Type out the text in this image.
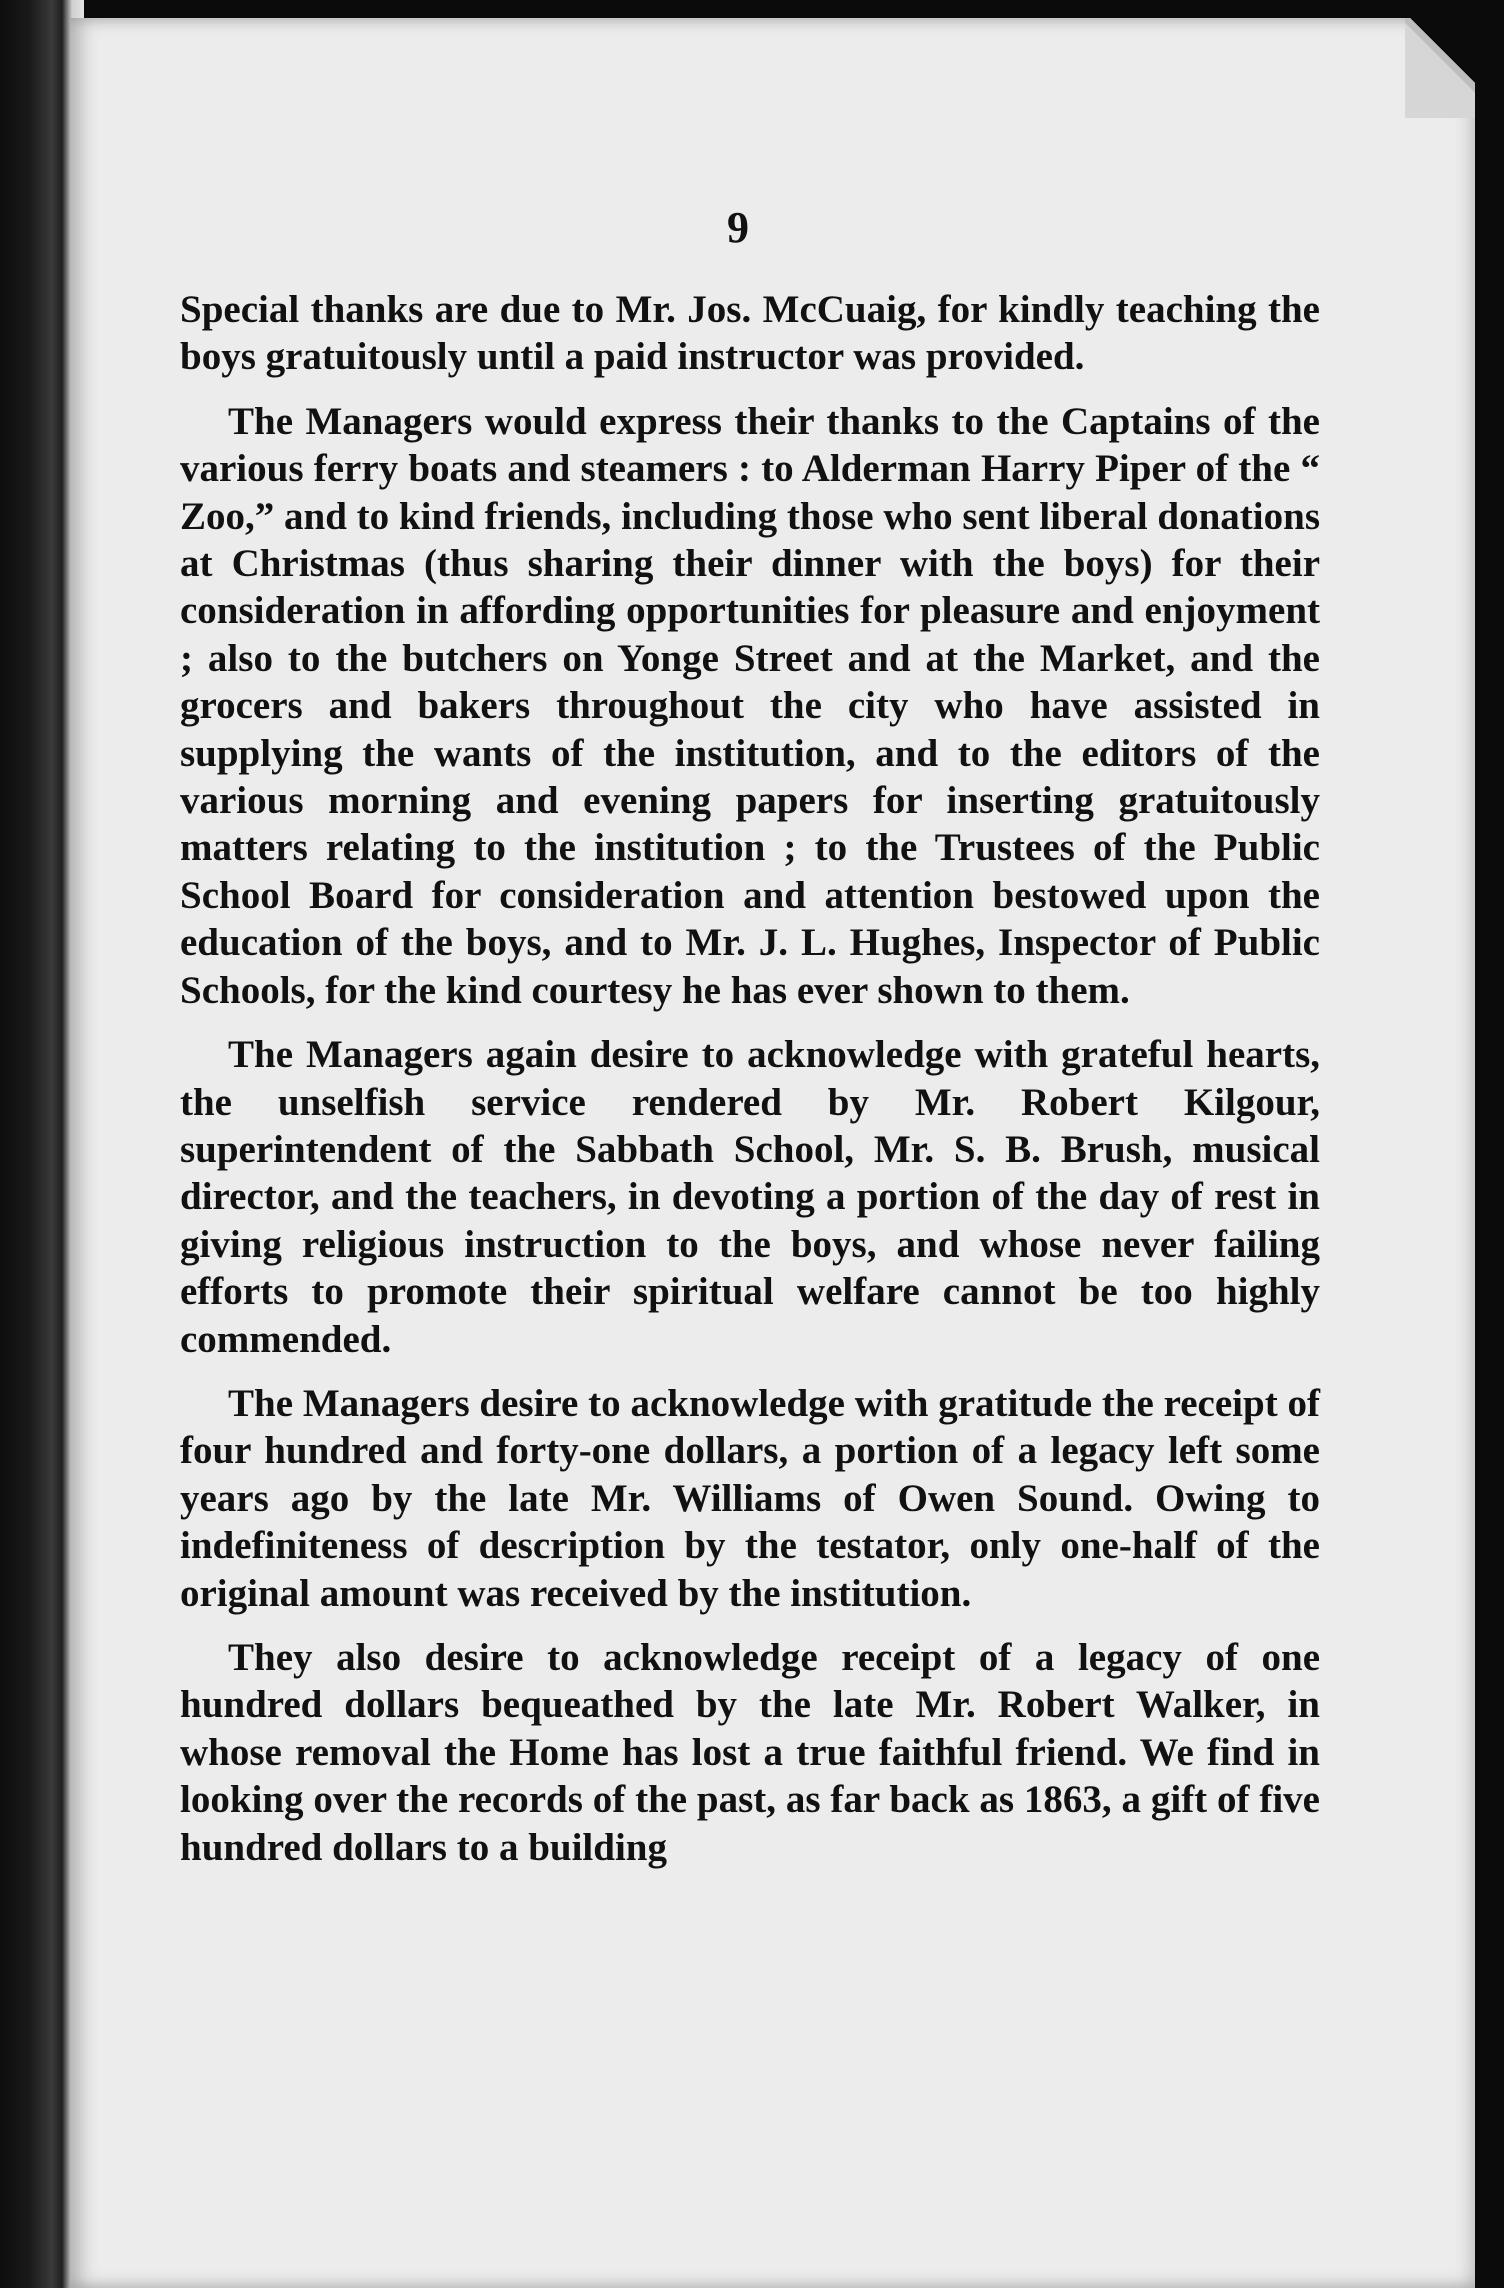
9

Special thanks are due to Mr. Jos. McCuaig, for kindly teaching the boys gratuitously until a paid instructor was provided.

The Managers would express their thanks to the Captains of the various ferry boats and steamers : to Alderman Harry Piper of the “ Zoo,” and to kind friends, including those who sent liberal donations at Christmas (thus sharing their dinner with the boys) for their consideration in affording opportunities for pleasure and enjoyment ; also to the butchers on Yonge Street and at the Market, and the grocers and bakers throughout the city who have assisted in supplying the wants of the institution, and to the editors of the various morning and evening papers for inserting gratuitously matters relating to the institution ; to the Trustees of the Public School Board for consideration and attention bestowed upon the education of the boys, and to Mr. J. L. Hughes, Inspector of Public Schools, for the kind courtesy he has ever shown to them.

The Managers again desire to acknowledge with grateful hearts, the unselfish service rendered by Mr. Robert Kilgour, superintendent of the Sabbath School, Mr. S. B. Brush, musical director, and the teachers, in devoting a portion of the day of rest in giving religious instruction to the boys, and whose never failing efforts to promote their spiritual welfare cannot be too highly commended.

The Managers desire to acknowledge with gratitude the receipt of four hundred and forty-one dollars, a portion of a legacy left some years ago by the late Mr. Williams of Owen Sound. Owing to indefiniteness of description by the testator, only one-half of the original amount was received by the institution.

They also desire to acknowledge receipt of a legacy of one hundred dollars bequeathed by the late Mr. Robert Walker, in whose removal the Home has lost a true faithful friend. We find in looking over the records of the past, as far back as 1863, a gift of five hundred dollars to a building
